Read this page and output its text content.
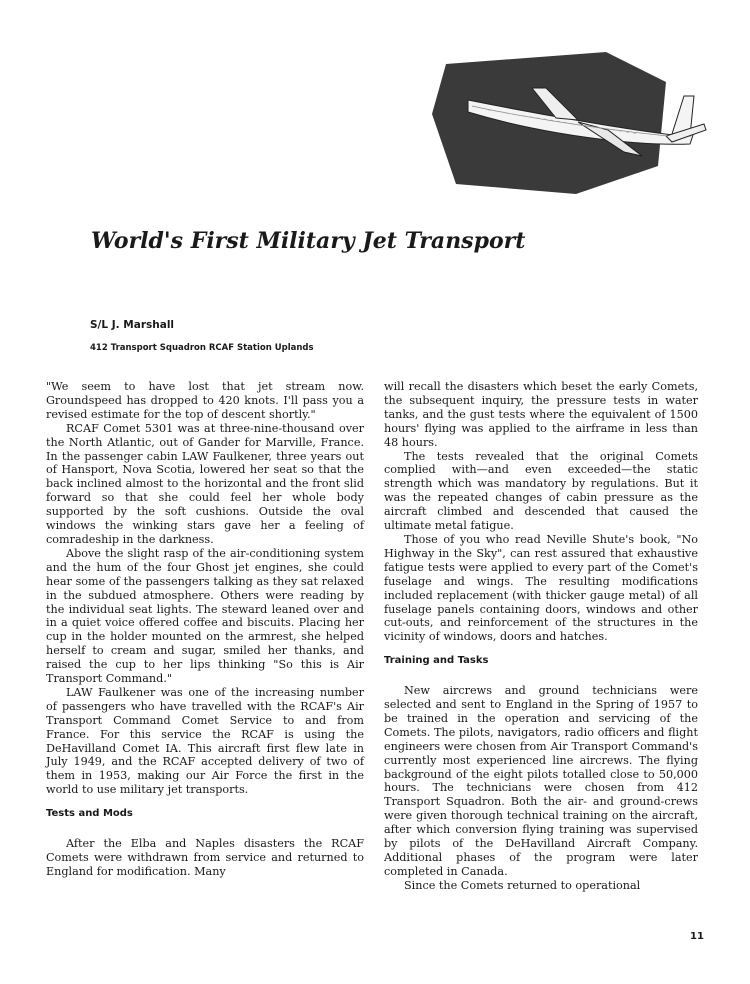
World's First Military Jet Transport
S/L J. Marshall
412 Transport Squadron RCAF Station Uplands

"We seem to have lost that jet stream now. Groundspeed has dropped to 420 knots. I'll pass you a revised estimate for the top of descent shortly."

RCAF Comet 5301 was at three-nine-thousand over the North Atlantic, out of Gander for Marville, France. In the passenger cabin LAW Faulkener, three years out of Hansport, Nova Scotia, lowered her seat so that the back inclined almost to the horizontal and the front slid forward so that she could feel her whole body supported by the soft cushions. Outside the oval windows the winking stars gave her a feeling of comradeship in the darkness.

Above the slight rasp of the air-conditioning system and the hum of the four Ghost jet engines, she could hear some of the passengers talking as they sat relaxed in the subdued atmosphere. Others were reading by the individual seat lights. The steward leaned over and in a quiet voice offered coffee and biscuits. Placing her cup in the holder mounted on the armrest, she helped herself to cream and sugar, smiled her thanks, and raised the cup to her lips thinking "So this is Air Transport Command."

LAW Faulkener was one of the increasing number of passengers who have travelled with the RCAF's Air Transport Command Comet Service to and from France. For this service the RCAF is using the DeHavilland Comet IA. This aircraft first flew late in July 1949, and the RCAF accepted delivery of two of them in 1953, making our Air Force the first in the world to use military jet transports.

Tests and Mods

After the Elba and Naples disasters the RCAF Comets were withdrawn from service and returned to England for modification. Many

will recall the disasters which beset the early Comets, the subsequent inquiry, the pressure tests in water tanks, and the gust tests where the equivalent of 1500 hours' flying was applied to the airframe in less than 48 hours.

The tests revealed that the original Comets complied with—and even exceeded—the static strength which was mandatory by regulations. But it was the repeated changes of cabin pressure as the aircraft climbed and descended that caused the ultimate metal fatigue.

Those of you who read Neville Shute's book, "No Highway in the Sky", can rest assured that exhaustive fatigue tests were applied to every part of the Comet's fuselage and wings. The resulting modifications included replacement (with thicker gauge metal) of all fuselage panels containing doors, windows and other cut-outs, and reinforcement of the structures in the vicinity of windows, doors and hatches.

Training and Tasks

New aircrews and ground technicians were selected and sent to England in the Spring of 1957 to be trained in the operation and servicing of the Comets. The pilots, navigators, radio officers and flight engineers were chosen from Air Transport Command's currently most experienced line aircrews. The flying background of the eight pilots totalled close to 50,000 hours. The technicians were chosen from 412 Transport Squadron. Both the air- and ground-crews were given thorough technical training on the aircraft, after which conversion flying training was supervised by pilots of the DeHavilland Aircraft Company. Additional phases of the program were later completed in Canada.

Since the Comets returned to operational

11
